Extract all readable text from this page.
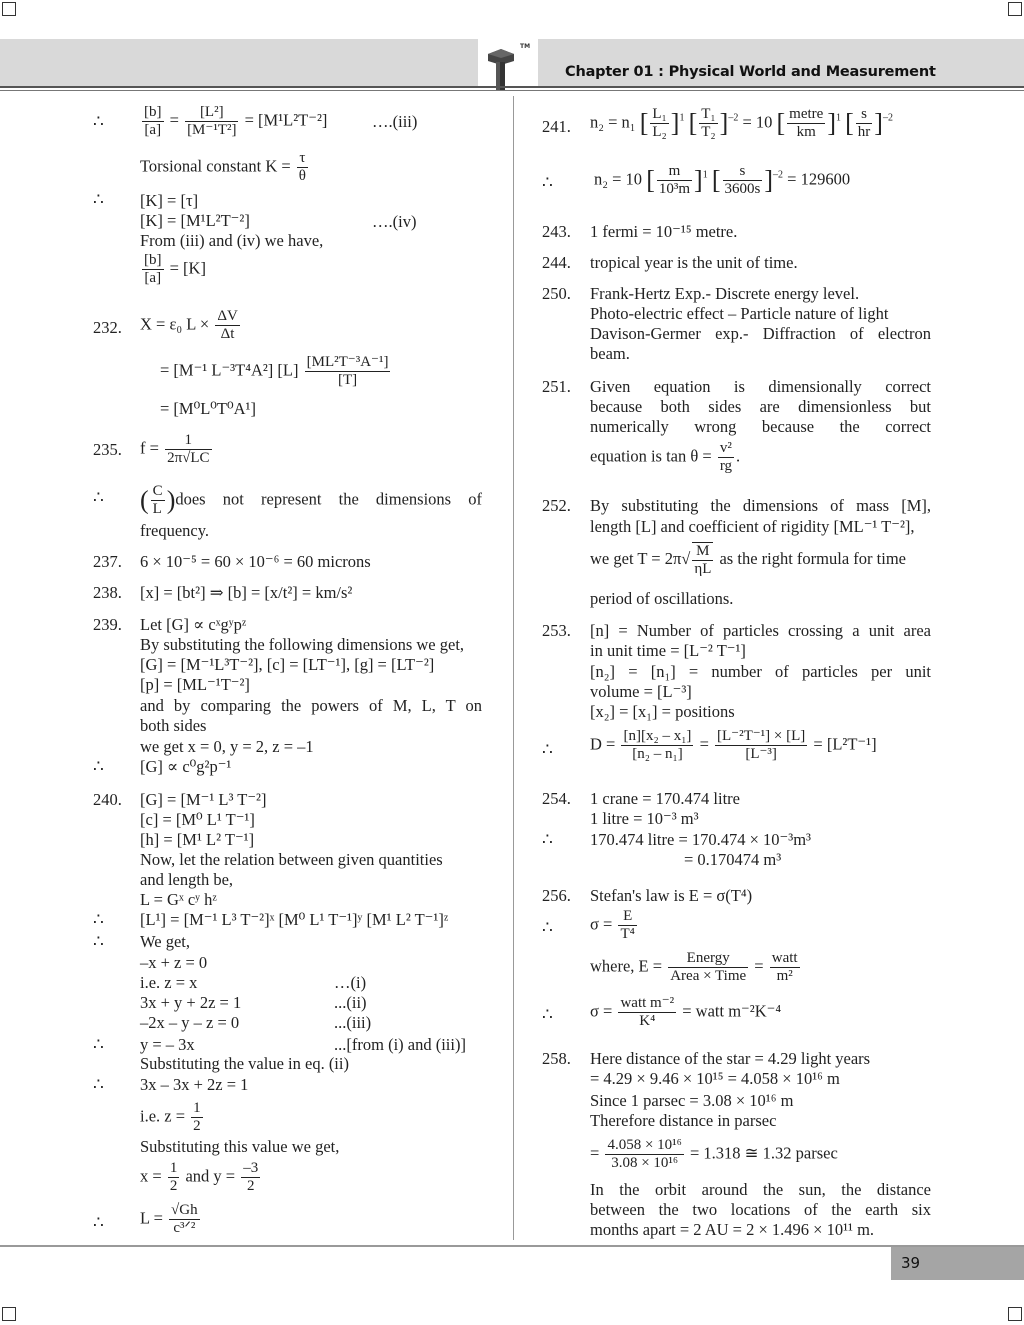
TM
Chapter 01 : Physical World and Measurement
∴	$\frac{[b]}{[a]} = \frac{\text{[L²]}}{\text{[M⁻¹T²]}} = [M^1L^2T^{-2}]$	….(iii)
Torsional constant $K = \frac{\tau}{\theta}$
∴ [K] = [τ]
[K] = [M¹L²T⁻²]	….(iv)
From (iii) and (iv) we have,
$\frac{[b]}{[a]} = [K]$
232. X = ε₀ $L \times \frac{\Delta V}{\Delta t}$
= [M⁻¹ L⁻³T⁴A²] $[L] \frac{\text{[ML²T⁻³A⁻¹]}}{[T]}$
= [M⁰L⁰T⁰A¹]
235. $f = \frac{1}{2\pi√LC}$
∴ ( $\frac{C}{L}$ )does not represent the dimensions of
frequency.
237. 6 × 10⁻⁵ = 60 × 10⁻⁶ = 60 microns
238. [x] = [bt²] ⇒ [b] = [x/t²] = km/s²
239. Let [G] ∝ cˣgʸpᶻ
By substituting the following dimensions we get,
[G] = [M⁻¹L³T⁻²], [c] = [LT⁻¹], [g] = [LT⁻²]
[p] = [ML⁻¹T⁻²]
and by comparing the powers of M, L, T on
both sides
we get x = 0, y = 2, z = –1
∴ [G] ∝ c⁰g²p⁻¹
240. [G] = [M⁻¹ L³ T⁻²]
[c] = [M⁰ L¹ T⁻¹]
[h] = [M¹ L² T⁻¹]
Now, let the relation between given quantities
and length be,
L = Gˣ cʸ hᶻ
∴ [L¹] = [M⁻¹ L³ T⁻²]ˣ [M⁰ L¹ T⁻¹]ʸ [M¹ L² T⁻¹]ᶻ
∴ We get,
–x + z = 0
i.e. z = x	…(i)
3x + y + 2z = 1	...(ii)
–2x – y – z = 0	...(iii)
∴ y = – 3x	...[from (i) and (iii)]
Substituting the value in eq. (ii)
∴ 3x – 3x + 2z = 1
i.e. $z = \frac{1}{2}$
Substituting this value we get,
$x = \frac{1}{2}$ and $y = \frac{-3}{2}$
∴ $L = \frac{√Gh}{\text{c³ᐟ²}}$
241. n₂ = n₁ [ $\frac{\text{L₁}}{\text{L₂}} ]^1$ [ $\frac{\text{T₁}}{\text{T₂}} ]^{-2} = 10$ [ $\frac{\text{metre}}{km} ]^1$ [ $\frac{s}{hr} ]^{-2}$
∴ n₂ = 10 [ $\frac{m}{\text{10³m}} ]^1$ [ $\frac{s}{3600s} ]^{-2} = 129600$
243. 1 fermi = 10⁻¹⁵ metre.
244. tropical year is the unit of time.
250. Frank-Hertz Exp.- Discrete energy level.
Photo-electric effect – Particle nature of light
Davison-Germer exp.- Diffraction of electron
beam.
251. Given equation is dimensionally correct
because both sides are dimensionless but
numerically wrong because the correct
equation is $\tan \theta = \frac{\text{v²}}{rg}$ .
252. By substituting the dimensions of mass [M],
length [L] and coefficient of rigidity [ML⁻¹ T⁻²],
we get $T = 2\pi√ \frac{M}{\eta L}$ as the right formula for time
period of oscillations.
253. [n] = Number of particles crossing a unit area
in unit time = [L⁻² T⁻¹]
[n₂] = [n₁] = number of particles per unit
volume = [L⁻³]
[x₂] = [x₁] = positions
∴ $D = \frac{\text{[n][x₂ – x₁]}}{\text{[n₂ – n₁]}} = \frac{\text{[L⁻²T⁻¹] × [L]}}{\text{[L⁻³]}} = [L^2T^{-1}]$
254. 1 crane = 170.474 litre
1 litre = 10⁻³ m³
∴ 170.474 litre = 170.474 × 10⁻³m³
= 0.170474 m³
256. Stefan's law is E = σ(T⁴)
∴ $\sigma = \frac{E}{\text{T⁴}}$
where, $E = \frac{\text{Energy}}{\text{Area × Time}} = \frac{\text{watt}}{\text{m²}}$
∴ $\sigma = \frac{\text{watt m⁻²}}{\text{K⁴}}$ = watt m⁻²K⁻⁴
258. Here distance of the star = 4.29 light years
= 4.29 × 9.46 × 10¹⁵ = 4.058 × 10¹⁶ m
Since 1 parsec = 3.08 × 10¹⁶ m
Therefore distance in parsec
= $\frac{\text{4.058 × 10¹⁶}}{\text{3.08 × 10¹⁶}} = 1.318$ ≅ 1.32 parsec
In the orbit around the sun, the distance
between the two locations of the earth six
months apart = 2 AU = 2 × 1.496 × 10¹¹ m.
39
